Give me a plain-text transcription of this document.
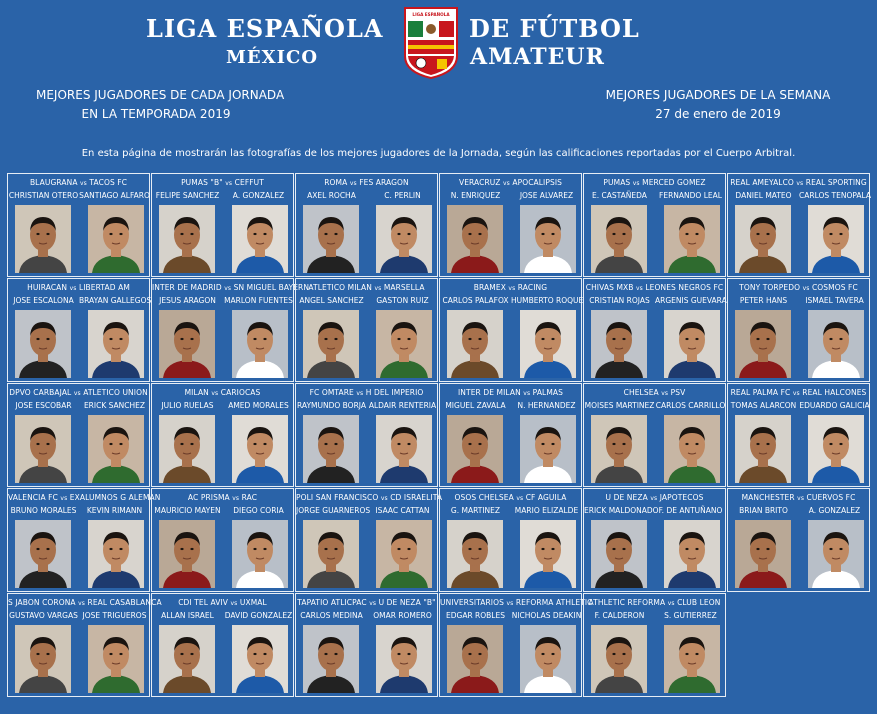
LIGA ESPAÑOLA	DE FÚTBOL
MÉXICO	AMATEUR
LIGA ESPAÑOLA
MÉXICO
MEJORES JUGADORES DE CADA JORNADA
EN LA TEMPORADA 2019
MEJORES JUGADORES DE LA SEMANA
27 de enero de 2019
En esta página de mostrarán las fotografías de los mejores jugadores de la Jornada, según las calificaciones reportadas por el Cuerpo Arbitral.
BLAUGRANA vs TACOS FC
CHRISTIAN OTERO SANTIAGO ALFARO
PUMAS "B" vs CEFFUT
FELIPE SANCHEZ	A. GONZALEZ
ROMA vs FES ARAGON
AXEL ROCHA	C. PERLIN
VERACRUZ vs APOCALIPSIS
N. ENRIQUEZ	JOSE ALVAREZ
PUMAS vs MERCED GOMEZ
E. CASTAÑEDA	FERNANDO LEAL
REAL AMEYALCO vs REAL SPORTING
DANIEL MATEO CARLOS TENOPALA
HUIRACAN vs LIBERTAD AM
JOSE ESCALONA BRAYAN GALLEGOS
INTER DE MADRID vs SN MIGUEL BAYERN
JESUS ARAGON	MARLON FUENTES
ATLETICO MILAN vs MARSELLA
ANGEL SANCHEZ	GASTON RUIZ
BRAMEX vs RACING
CARLOS PALAFOX HUMBERTO ROQUE
CHIVAS MXB vs LEONES NEGROS FC
CRISTIAN ROJAS ARGENIS GUEVARA
TONY TORPEDO vs COSMOS FC
PETER HANS	ISMAEL TAVERA
DPVO CARBAJAL vs ATLETICO UNION
JOSE ESCOBAR	ERICK SANCHEZ
MILAN vs CARIOCAS
JULIO RUELAS	AMED MORALES
FC OMTARE vs H DEL IMPERIO
RAYMUNDO BORJA ALDAIR RENTERIA
INTER DE MILAN vs PALMAS
MIGUEL ZAVALA	N. HERNANDEZ
CHELSEA vs PSV
MOISES MARTINEZ CARLOS CARRILLO
REAL PALMA FC vs REAL HALCONES
TOMAS ALARCON EDUARDO GALICIA
VALENCIA FC vs EXALUMNOS G ALEMAN
BRUNO MORALES	KEVIN RIMANN
AC PRISMA vs RAC
MAURICIO MAYEN	DIEGO CORIA
POLI SAN FRANCISCO vs CD ISRAELITA
JORGE GUARNEROS ISAAC CATTAN
OSOS CHELSEA vs CF AGUILA
G. MARTINEZ	MARIO ELIZALDE
U DE NEZA vs JAPOTECOS
ERICK MALDONADO F. DE ANTUÑANO
MANCHESTER vs CUERVOS FC
BRIAN BRITO	A. GONZALEZ
S JABON CORONA vs REAL CASABLANCA
GUSTAVO VARGAS JOSE TRIGUEROS
CDI TEL AVIV vs UXMAL
ALLAN ISRAEL	DAVID GONZALEZ
TAPATIO ATLICPAC vs U DE NEZA "B"
CARLOS MEDINA	OMAR ROMERO
UNIVERSITARIOS vs REFORMA ATHLETIC
EDGAR ROBLES NICHOLAS DEAKIN
ATHLETIC REFORMA vs CLUB LEON
F. CALDERON	S. GUTIERREZ
